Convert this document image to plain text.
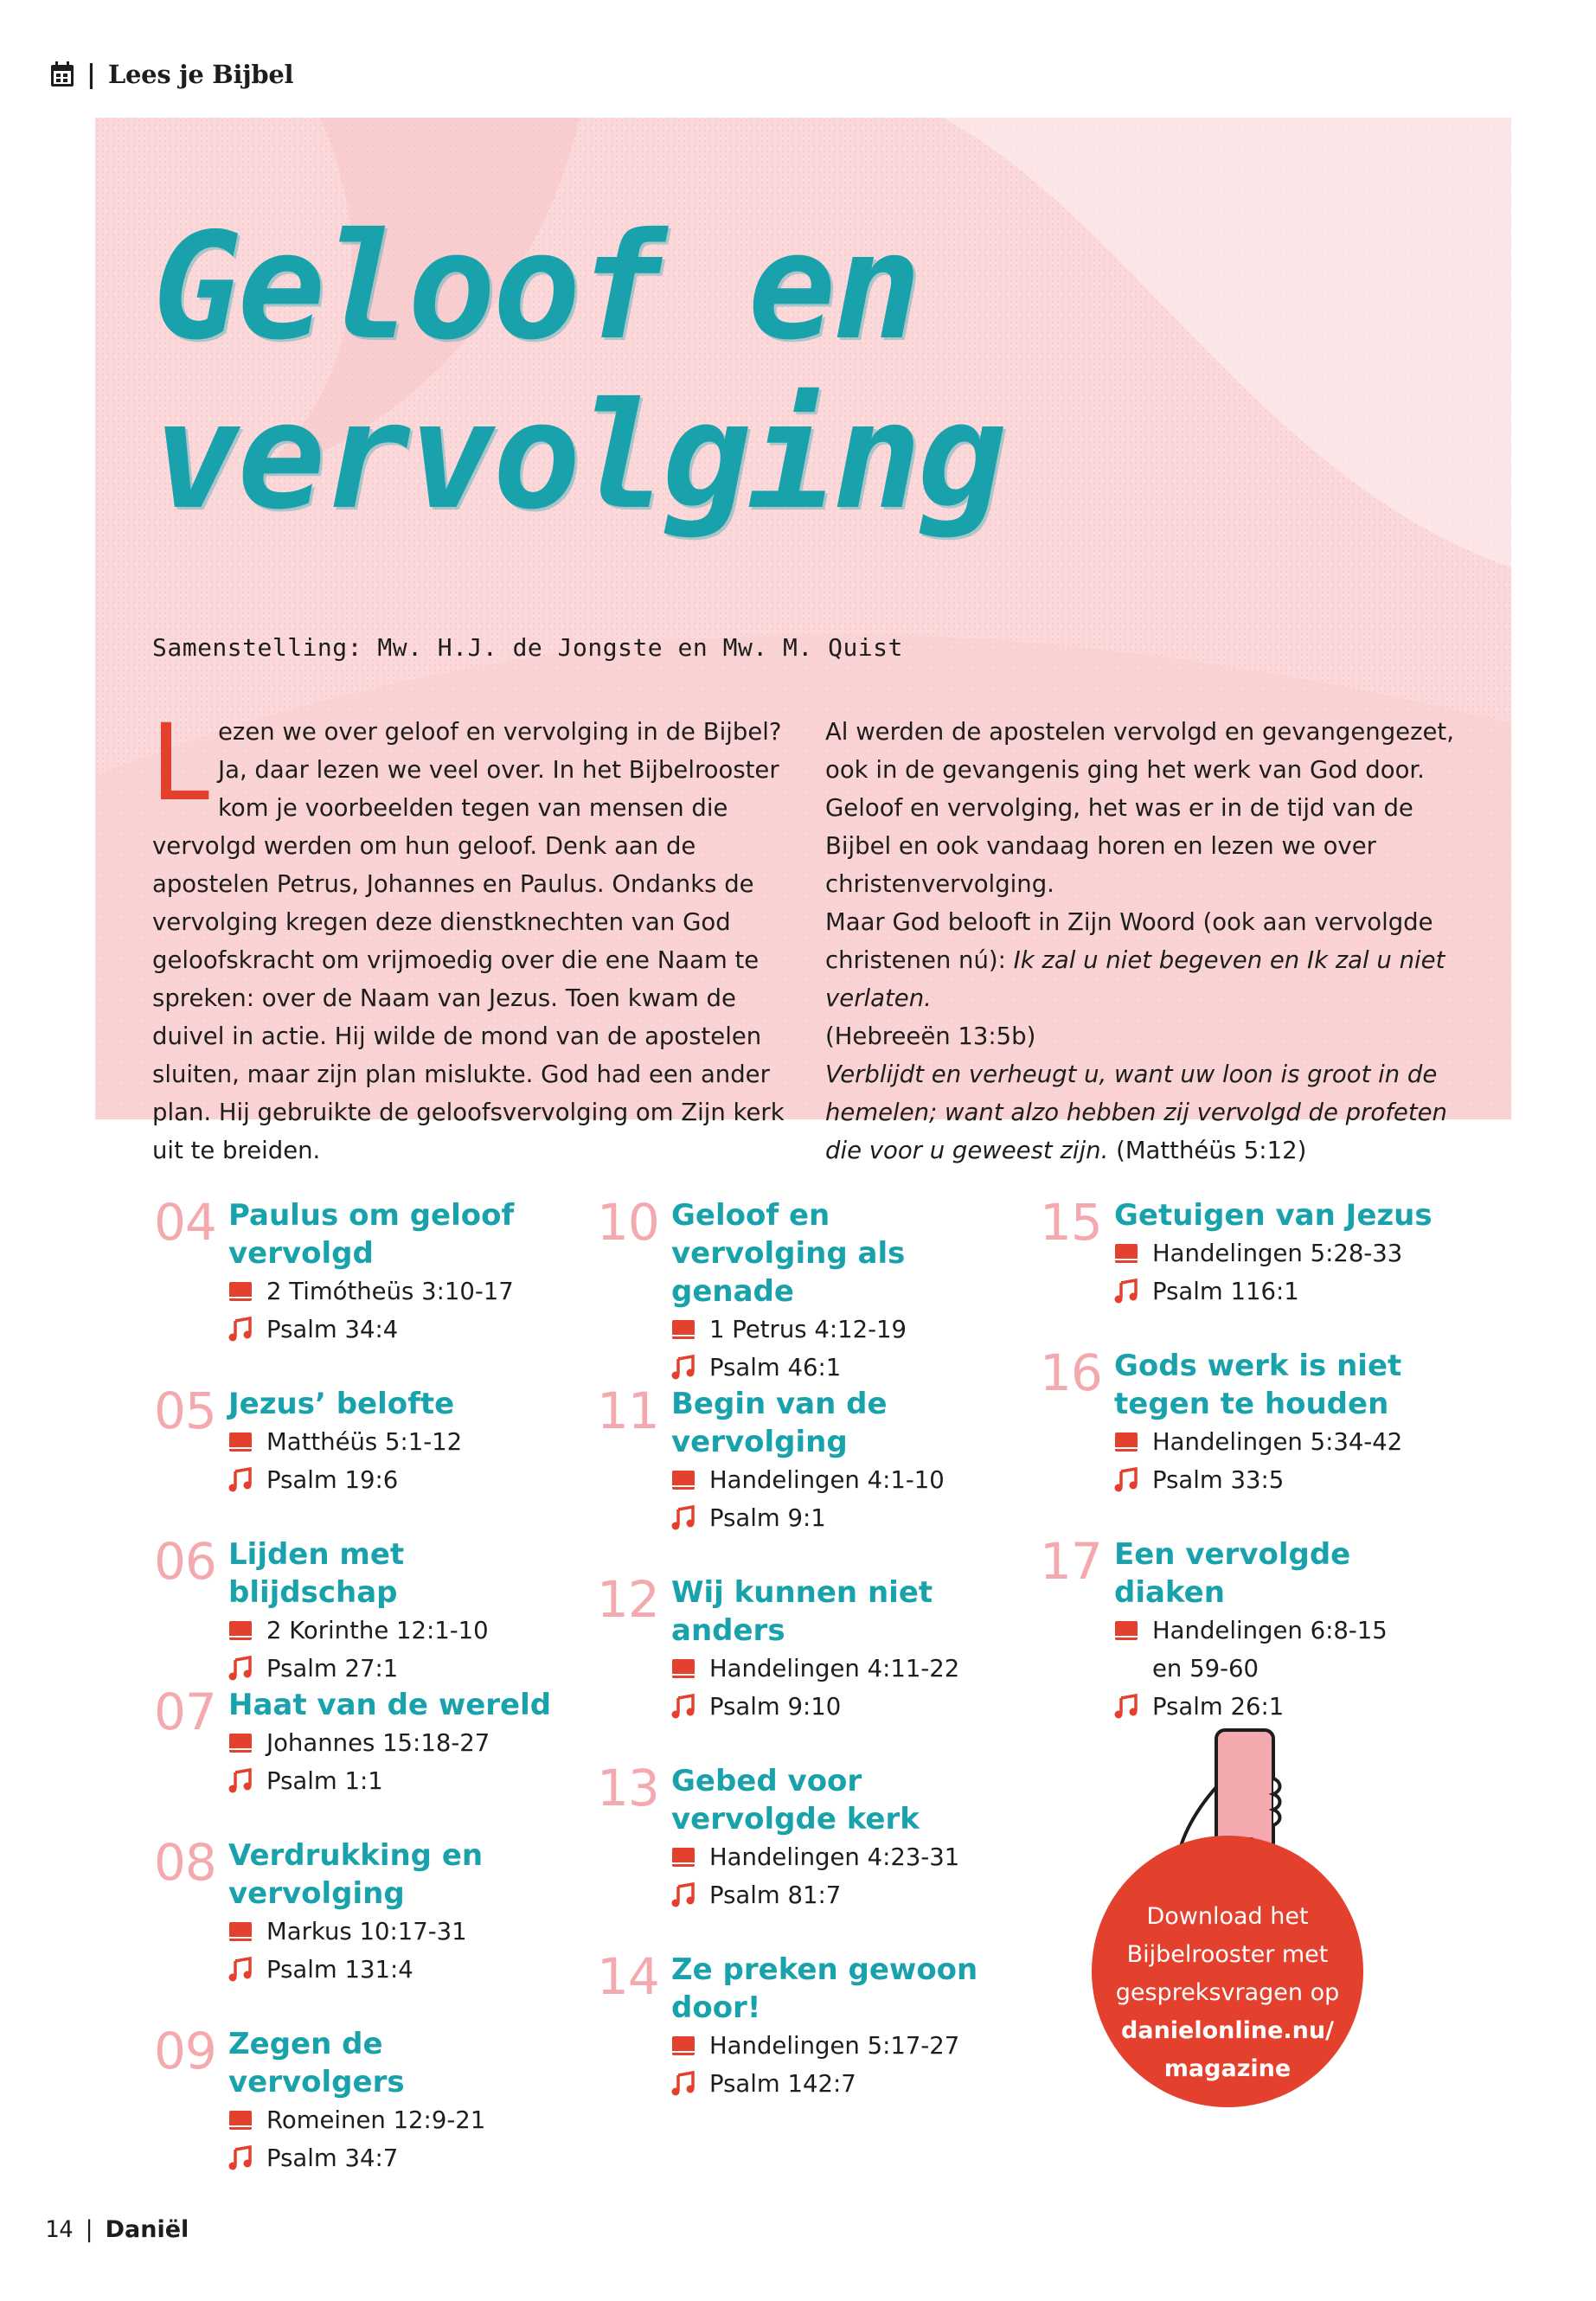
| Lees je Bijbel
Geloof en vervolging

Samenstelling: Mw. H.J. de Jongste en Mw. M. Quist

L ezen we over geloof en vervolging in de Bijbel? Ja, daar lezen we veel over. In het Bijbelrooster kom je voorbeelden tegen van mensen die vervolgd werden om hun geloof. Denk aan de apostelen Petrus, Johannes en Paulus. Ondanks de vervolging kregen deze dienstknechten van God geloofskracht om vrijmoedig over die ene Naam te spreken: over de Naam van Jezus. Toen kwam de duivel in actie. Hij wilde de mond van de apostelen sluiten, maar zijn plan mislukte. God had een ander plan. Hij gebruikte de geloofsvervolging om Zijn kerk uit te breiden.

Al werden de apostelen vervolgd en gevangengezet, ook in de gevangenis ging het werk van God door. Geloof en vervolging, het was er in de tijd van de Bijbel en ook vandaag horen en lezen we over christenvervolging.

Maar God belooft in Zijn Woord (ook aan vervolgde christenen nú): Ik zal u niet begeven en Ik zal u niet verlaten.
(Hebreeën 13:5b)

Verblijdt en verheugt u, want uw loon is groot in de hemelen; want alzo hebben zij vervolgd de profeten die voor u geweest zijn. (Matthéüs 5:12)

04 Paulus om geloof vervolgd
2 Timótheüs 3:10-17
Psalm 34:4
05 Jezus’ belofte
Matthéüs 5:1-12
Psalm 19:6
06 Lijden met blijdschap
2 Korinthe 12:1-10
Psalm 27:1
07 Haat van de wereld
Johannes 15:18-27
Psalm 1:1
08 Verdrukking en vervolging
Markus 10:17-31
Psalm 131:4
09 Zegen de vervolgers
Romeinen 12:9-21
Psalm 34:7
10 Geloof en vervolging als genade
1 Petrus 4:12-19
Psalm 46:1
11 Begin van de vervolging
Handelingen 4:1-10
Psalm 9:1
12 Wij kunnen niet anders
Handelingen 4:11-22
Psalm 9:10
13 Gebed voor vervolgde kerk
Handelingen 4:23-31
Psalm 81:7
14 Ze preken gewoon door!
Handelingen 5:17-27
Psalm 142:7
15 Getuigen van Jezus
Handelingen 5:28-33
Psalm 116:1
16 Gods werk is niet tegen te houden
Handelingen 5:34-42
Psalm 33:5
17 Een vervolgde diaken
Handelingen 6:8-15
en 59-60
Psalm 26:1
Download het
Bijbelrooster met
gespreksvragen op
danielonline.nu/
magazine
14 | Daniël
